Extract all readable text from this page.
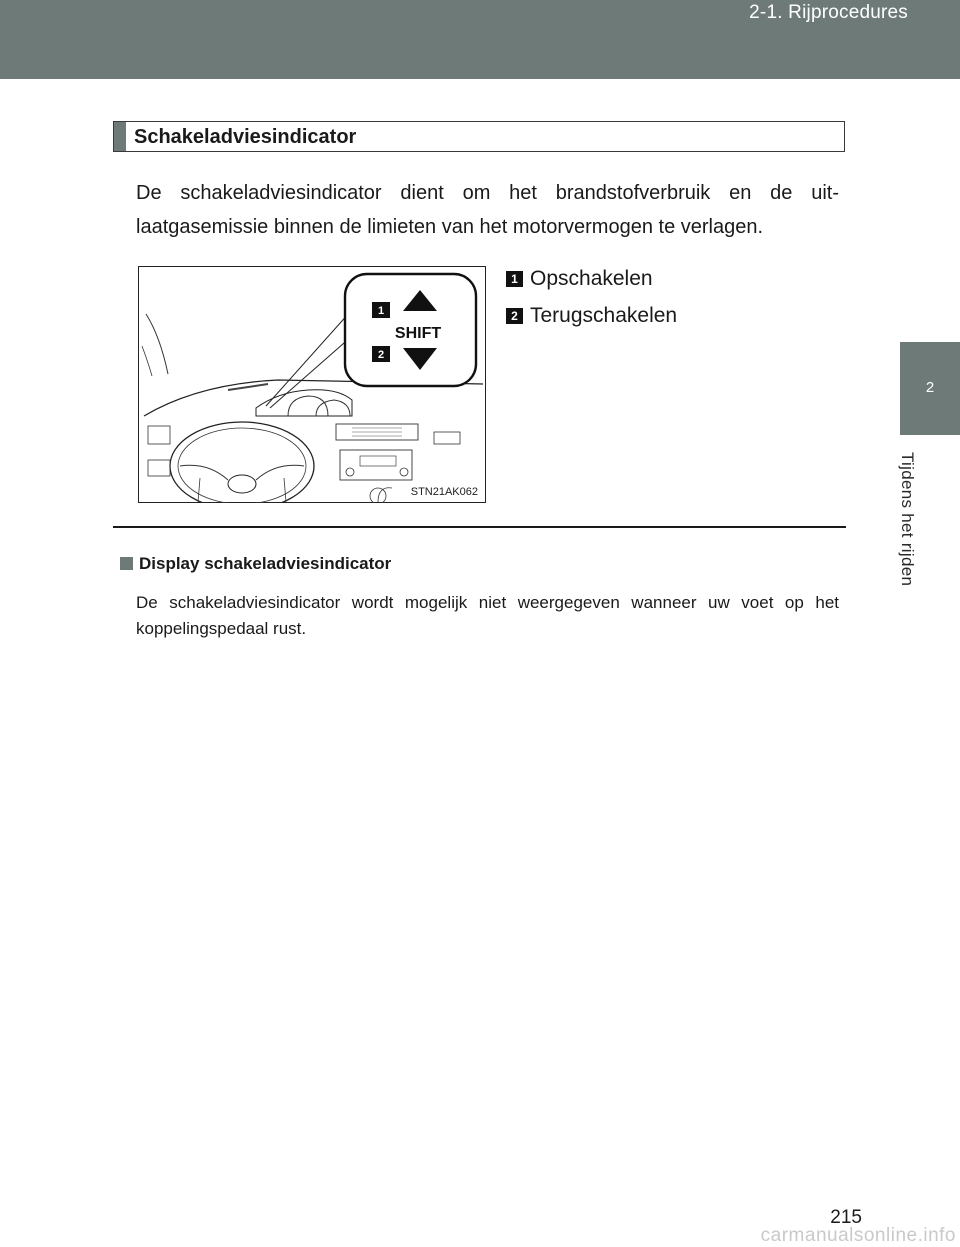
2-1. Rijprocedures
2
Tijdens het rijden
Schakeladviesindicator
De schakeladviesindicator dient om het brandstofverbruik en de uit- laatgasemissie binnen de limieten van het motorvermogen te verlagen.
1
2
SHIFT
STN21AK062
1 Opschakelen
2 Terugschakelen
Display schakeladviesindicator
De schakeladviesindicator wordt mogelijk niet weergegeven wanneer uw voet op het koppelingspedaal rust.
215
carmanualsonline.info
